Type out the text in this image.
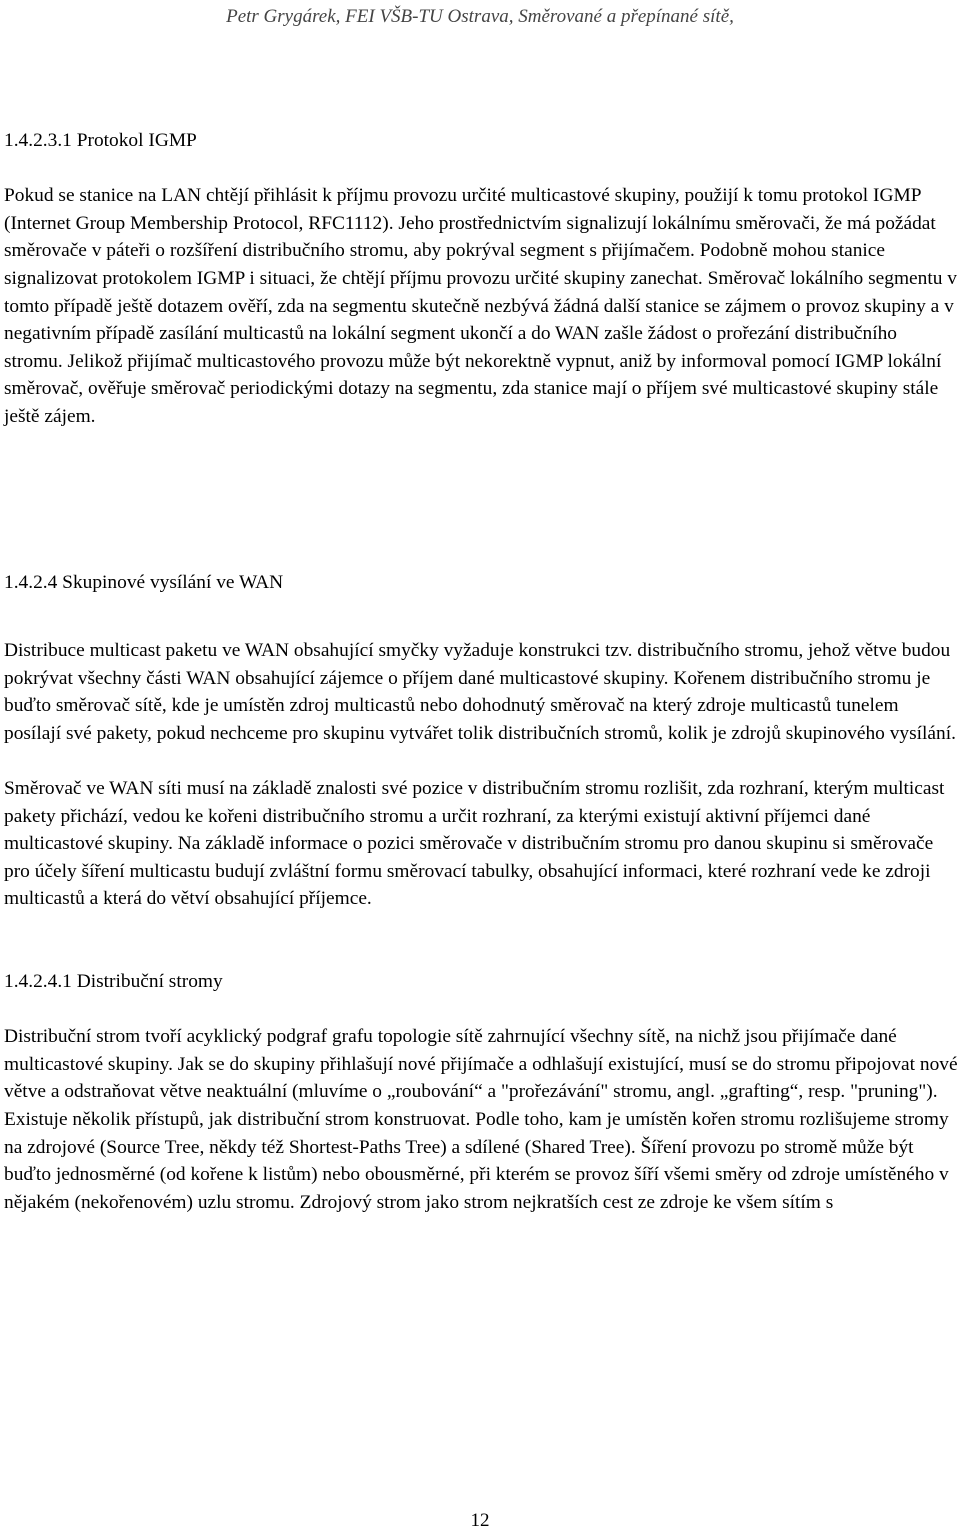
Petr Grygárek, FEI VŠB-TU Ostrava, Směrované a přepínané sítě,
1.4.2.3.1 Protokol IGMP

Pokud se stanice na LAN chtějí přihlásit k příjmu provozu určité multicastové skupiny, použijí k tomu protokol IGMP (Internet Group Membership Protocol, RFC1112). Jeho prostřednictvím signalizují lokálnímu směrovači, že má požádat směrovače v páteři o rozšíření distribučního stromu, aby pokrýval segment s přijímačem. Podobně mohou stanice signalizovat protokolem IGMP i situaci, že chtějí příjmu provozu určité skupiny zanechat. Směrovač lokálního segmentu v tomto případě ještě dotazem ověří, zda na segmentu skutečně nezbývá žádná další stanice se zájmem o provoz skupiny a v negativním případě zasílání multicastů na lokální segment ukončí a do WAN zašle žádost o prořezání distribučního stromu. Jelikož přijímač multicastového provozu může být nekorektně vypnut, aniž by informoval pomocí IGMP lokální směrovač, ověřuje směrovač periodickými dotazy na segmentu, zda stanice mají o příjem své multicastové skupiny stále ještě zájem.

1.4.2.4 Skupinové vysílání ve WAN

Distribuce multicast paketu ve WAN obsahující smyčky vyžaduje konstrukci tzv. distribučního stromu, jehož větve budou pokrývat všechny části WAN obsahující zájemce o příjem dané multicastové skupiny. Kořenem distribučního stromu je buďto směrovač sítě, kde je umístěn zdroj multicastů nebo dohodnutý směrovač na který zdroje multicastů tunelem posílají své pakety, pokud nechceme pro skupinu vytvářet tolik distribučních stromů, kolik je zdrojů skupinového vysílání.

Směrovač ve WAN síti musí na základě znalosti své pozice v distribučním stromu rozlišit, zda rozhraní, kterým multicast pakety přichází, vedou ke kořeni distribučního stromu a určit rozhraní, za kterými existují aktivní příjemci dané multicastové skupiny. Na základě informace o pozici směrovače v distribučním stromu pro danou skupinu si směrovače pro účely šíření multicastu budují zvláštní formu směrovací tabulky, obsahující informaci, které rozhraní vede ke zdroji multicastů a která do větví obsahující příjemce.

1.4.2.4.1 Distribuční stromy

Distribuční strom tvoří acyklický podgraf grafu topologie sítě zahrnující všechny sítě, na nichž jsou přijímače dané multicastové skupiny. Jak se do skupiny přihlašují nové přijímače a odhlašují existující, musí se do stromu připojovat nové větve a odstraňovat větve neaktuální (mluvíme o „roubování“ a "prořezávání" stromu, angl. „grafting“, resp. "pruning").

Existuje několik přístupů, jak distribuční strom konstruovat. Podle toho, kam je umístěn kořen stromu rozlišujeme stromy na zdrojové (Source Tree, někdy též Shortest-Paths Tree) a sdílené (Shared Tree). Šíření provozu po stromě může být buďto jednosměrné (od kořene k listům) nebo obousměrné, při kterém se provoz šíří všemi směry od zdroje umístěného v nějakém (nekořenovém) uzlu stromu. Zdrojový strom jako strom nejkratších cest ze zdroje ke všem sítím s

12
